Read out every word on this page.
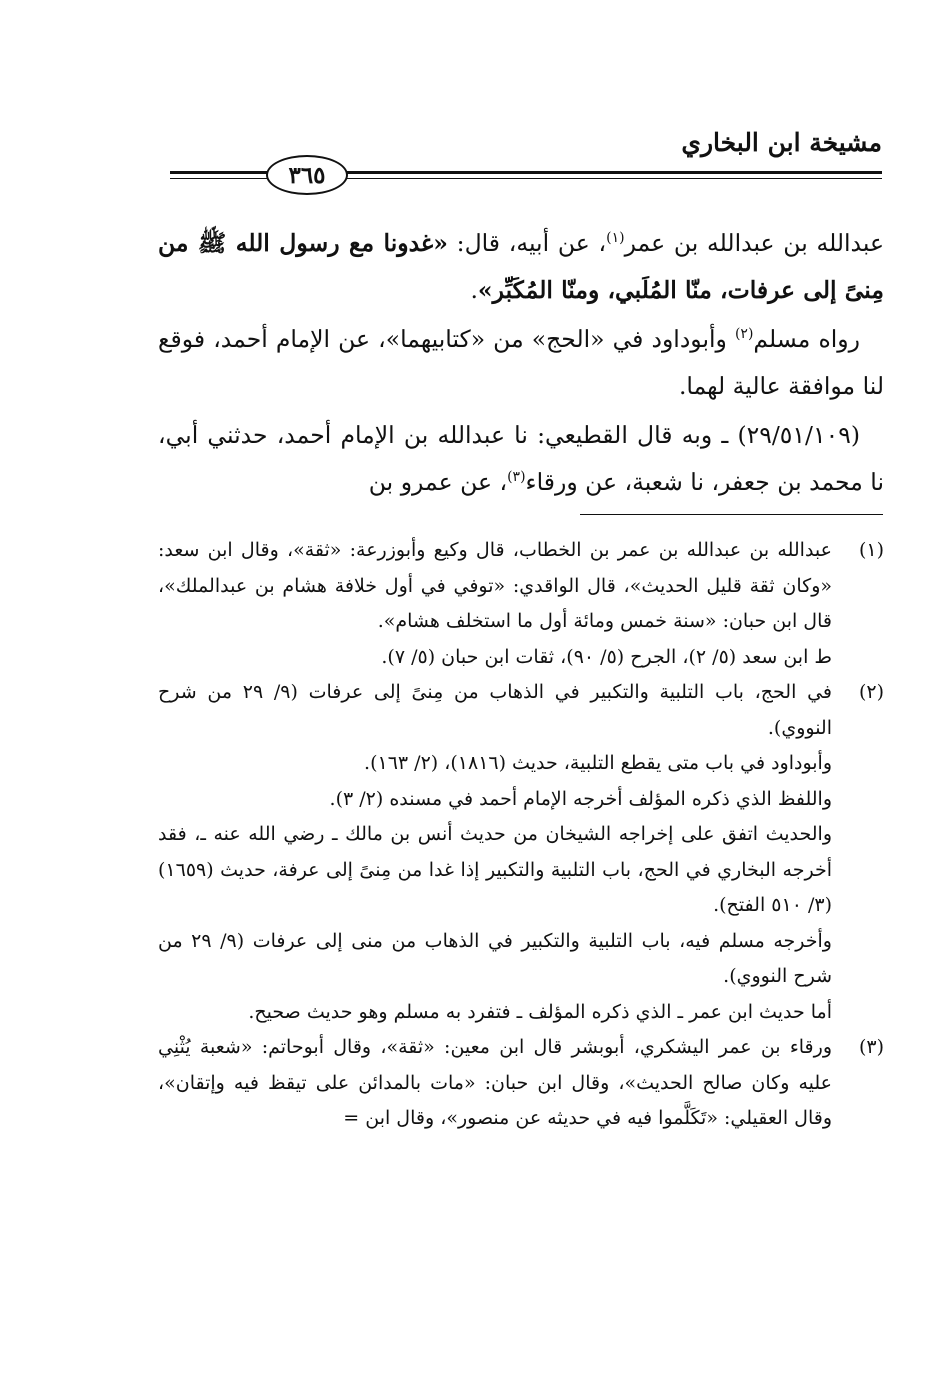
مشيخة ابن البخاري
٣٦٥

عبدالله بن عبدالله بن عمر$^{(١)}$، عن أبيه، قال: «غدونا مع رسول الله ﷺ من مِنىً إلى عرفات، منّا المُلَبي، ومنّا المُكَبِّر».

رواه مسلم$^{(٢)}$ وأبوداود في «الحج» من «كتابيهما»، عن الإمام أحمد، فوقع لنا موافقة عالية لهما.

(٢٩/٥١/١٠٩) ـ وبه قال القطيعي: نا عبدالله بن الإمام أحمد، حدثني أبي، نا محمد بن جعفر، نا شعبة، عن ورقاء$^{(٣)}$، عن عمرو بن

(١)

عبدالله بن عبدالله بن عمر بن الخطاب، قال وكيع وأبوزرعة: «ثقة»، وقال ابن سعد: «وكان ثقة قليل الحديث»، قال الواقدي: «توفي في أول خلافة هشام بن عبدالملك»، قال ابن حبان: «سنة خمس ومائة أول ما استخلف هشام».

ط ابن سعد (٥/ ٢)، الجرح (٥/ ٩٠)، ثقات ابن حبان (٥/ ٧).

(٢)

في الحج، باب التلبية والتكبير في الذهاب من مِنىً إلى عرفات (٩/ ٢٩ من شرح النووي).

وأبوداود في باب متى يقطع التلبية، حديث (١٨١٦)، (٢/ ١٦٣).

واللفظ الذي ذكره المؤلف أخرجه الإمام أحمد في مسنده (٢/ ٣).

والحديث اتفق على إخراجه الشيخان من حديث أنس بن مالك ـ رضي الله عنه ـ، فقد أخرجه البخاري في الحج، باب التلبية والتكبير إذا غدا من مِنىً إلى عرفة، حديث (١٦٥٩) (٣/ ٥١٠ الفتح).

وأخرجه مسلم فيه، باب التلبية والتكبير في الذهاب من منى إلى عرفات (٩/ ٢٩ من شرح النووي).

أما حديث ابن عمر ـ الذي ذكره المؤلف ـ فتفرد به مسلم وهو حديث صحيح.

(٣)

ورقاء بن عمر اليشكري، أبوبشر قال ابن معين: «ثقة»، وقال أبوحاتم: «شعبة يُثْنِي عليه وكان صالح الحديث»، وقال ابن حبان: «مات بالمدائن على تيقظ فيه وإتقان»، وقال العقيلي: «تَكَلَّموا فيه في حديثه عن منصور»، وقال ابن =
